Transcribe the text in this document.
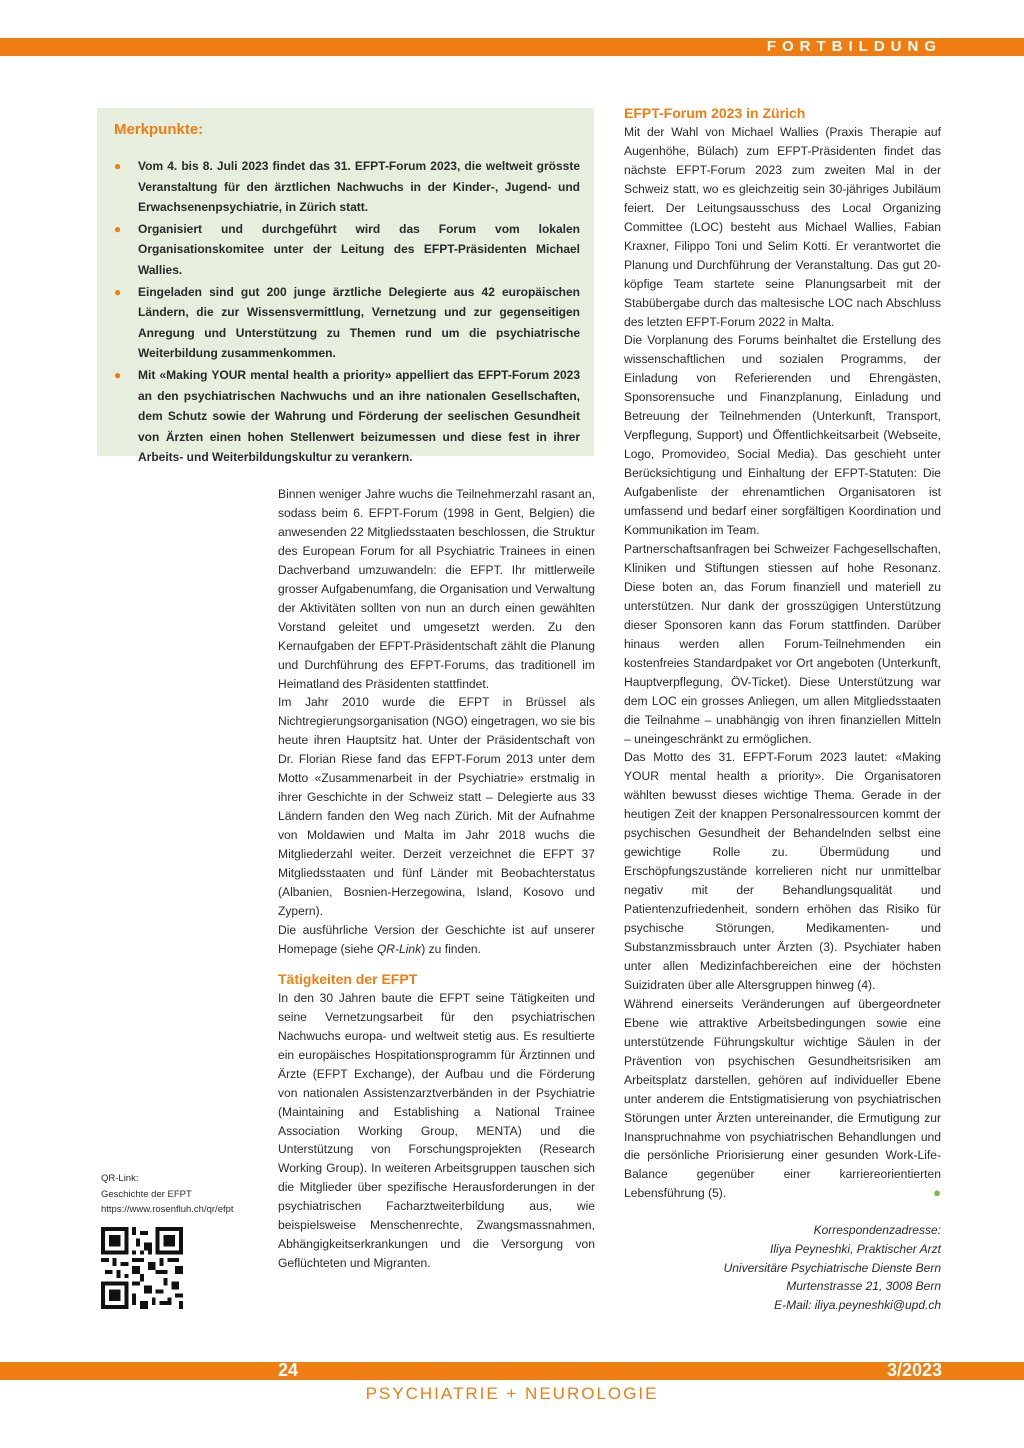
FORTBILDUNG
Merkpunkte:
● Vom 4. bis 8. Juli 2023 findet das 31. EFPT-Forum 2023, die weltweit grösste Veranstaltung für den ärztlichen Nachwuchs in der Kinder-, Jugend- und Erwachsenenpsychiatrie, in Zürich statt.
● Organisiert und durchgeführt wird das Forum vom lokalen Organisationskomitee unter der Leitung des EFPT-Präsidenten Michael Wallies.
● Eingeladen sind gut 200 junge ärztliche Delegierte aus 42 europäischen Ländern, die zur Wissensvermittlung, Vernetzung und zur gegenseitigen Anregung und Unterstützung zu Themen rund um die psychiatrische Weiterbildung zusammenkommen.
● Mit «Making YOUR mental health a priority» appelliert das EFPT-Forum 2023 an den psychiatrischen Nachwuchs und an ihre nationalen Gesellschaften, dem Schutz sowie der Wahrung und Förderung der seelischen Gesundheit von Ärzten einen hohen Stellenwert beizumessen und diese fest in ihrer Arbeits- und Weiterbildungskultur zu verankern.

Binnen weniger Jahre wuchs die Teilnehmerzahl rasant an, sodass beim 6. EFPT-Forum (1998 in Gent, Belgien) die anwesenden 22 Mitgliedsstaaten beschlossen, die Struktur des European Forum for all Psychiatric Trainees in einen Dachverband umzuwandeln: die EFPT. Ihr mittlerweile grosser Aufgabenumfang, die Organisation und Verwaltung der Aktivitäten sollten von nun an durch einen gewählten Vorstand geleitet und umgesetzt werden. Zu den Kernaufgaben der EFPT-Präsidentschaft zählt die Planung und Durchführung des EFPT-Forums, das traditionell im Heimatland des Präsidenten stattfindet.

Im Jahr 2010 wurde die EFPT in Brüssel als Nichtregierungsorganisation (NGO) eingetragen, wo sie bis heute ihren Hauptsitz hat. Unter der Präsidentschaft von Dr. Florian Riese fand das EFPT-Forum 2013 unter dem Motto «Zusammenarbeit in der Psychiatrie» erstmalig in ihrer Geschichte in der Schweiz statt – Delegierte aus 33 Ländern fanden den Weg nach Zürich. Mit der Aufnahme von Moldawien und Malta im Jahr 2018 wuchs die Mitgliederzahl weiter. Derzeit verzeichnet die EFPT 37 Mitgliedsstaaten und fünf Länder mit Beobachterstatus (Albanien, Bosnien-Herzegowina, Island, Kosovo und Zypern).

Die ausführliche Version der Geschichte ist auf unserer Homepage (siehe QR-Link) zu finden.

Tätigkeiten der EFPT

In den 30 Jahren baute die EFPT seine Tätigkeiten und seine Vernetzungsarbeit für den psychiatrischen Nachwuchs europa- und weltweit stetig aus. Es resultierte ein europäisches Hospitationsprogramm für Ärztinnen und Ärzte (EFPT Exchange), der Aufbau und die Förderung von nationalen Assistenzarztverbänden in der Psychiatrie (Maintaining and Establishing a National Trainee Association Working Group, MENTA) und die Unterstützung von Forschungsprojekten (Research Working Group). In weiteren Arbeitsgruppen tauschen sich die Mitglieder über spezifische Herausforderungen in der psychiatrischen Facharztweiterbildung aus, wie beispielsweise Menschenrechte, Zwangsmassnahmen, Abhängigkeitserkrankungen und die Versorgung von Geflüchteten und Migranten.

EFPT-Forum 2023 in Zürich

Mit der Wahl von Michael Wallies (Praxis Therapie auf Augenhöhe, Bülach) zum EFPT-Präsidenten findet das nächste EFPT-Forum 2023 zum zweiten Mal in der Schweiz statt, wo es gleichzeitig sein 30-jähriges Jubiläum feiert. Der Leitungsausschuss des Local Organizing Committee (LOC) besteht aus Michael Wallies, Fabian Kraxner, Filippo Toni und Selim Kotti. Er verantwortet die Planung und Durchführung der Veranstaltung. Das gut 20-köpfige Team startete seine Planungsarbeit mit der Stabübergabe durch das maltesische LOC nach Abschluss des letzten EFPT-Forum 2022 in Malta.

Die Vorplanung des Forums beinhaltet die Erstellung des wissenschaftlichen und sozialen Programms, der Einladung von Referierenden und Ehrengästen, Sponsorensuche und Finanzplanung, Einladung und Betreuung der Teilnehmenden (Unterkunft, Transport, Verpflegung, Support) und Öffentlichkeitsarbeit (Webseite, Logo, Promovideo, Social Media). Das geschieht unter Berücksichtigung und Einhaltung der EFPT-Statuten: Die Aufgabenliste der ehrenamtlichen Organisatoren ist umfassend und bedarf einer sorgfältigen Koordination und Kommunikation im Team.

Partnerschaftsanfragen bei Schweizer Fachgesellschaften, Kliniken und Stiftungen stiessen auf hohe Resonanz. Diese boten an, das Forum finanziell und materiell zu unterstützen. Nur dank der grosszügigen Unterstützung dieser Sponsoren kann das Forum stattfinden. Darüber hinaus werden allen Forum-Teilnehmenden ein kostenfreies Standardpaket vor Ort angeboten (Unterkunft, Hauptverpflegung, ÖV-Ticket). Diese Unterstützung war dem LOC ein grosses Anliegen, um allen Mitgliedsstaaten die Teilnahme – unabhängig von ihren finanziellen Mitteln – uneingeschränkt zu ermöglichen.

Das Motto des 31. EFPT-Forum 2023 lautet: «Making YOUR mental health a priority». Die Organisatoren wählten bewusst dieses wichtige Thema. Gerade in der heutigen Zeit der knappen Personalressourcen kommt der psychischen Gesundheit der Behandelnden selbst eine gewichtige Rolle zu. Übermüdung und Erschöpfungszustände korrelieren nicht nur unmittelbar negativ mit der Behandlungsqualität und Patientenzufriedenheit, sondern erhöhen das Risiko für psychische Störungen, Medikamenten- und Substanzmissbrauch unter Ärzten (3). Psychiater haben unter allen Medizinfachbereichen eine der höchsten Suizidraten über alle Altersgruppen hinweg (4).

Während einerseits Veränderungen auf übergeordneter Ebene wie attraktive Arbeitsbedingungen sowie eine unterstützende Führungskultur wichtige Säulen in der Prävention von psychischen Gesundheitsrisiken am Arbeitsplatz darstellen, gehören auf individueller Ebene unter anderem die Entstigmatisierung von psychiatrischen Störungen unter Ärzten untereinander, die Ermutigung zur Inanspruchnahme von psychiatrischen Behandlungen und die persönliche Priorisierung einer gesunden Work-Life-Balance gegenüber einer karriereorientierten Lebensführung (5).	●

Korrespondenzadresse:
Iliya Peyneshki, Praktischer Arzt
Universitäre Psychiatrische Dienste Bern
Murtenstrasse 21, 3008 Bern
E-Mail: iliya.peyneshki@upd.ch
QR-Link:
Geschichte der EFPT
https://www.rosenfluh.ch/qr/efpt
24	3/2023
PSYCHIATRIE + NEUROLOGIE
